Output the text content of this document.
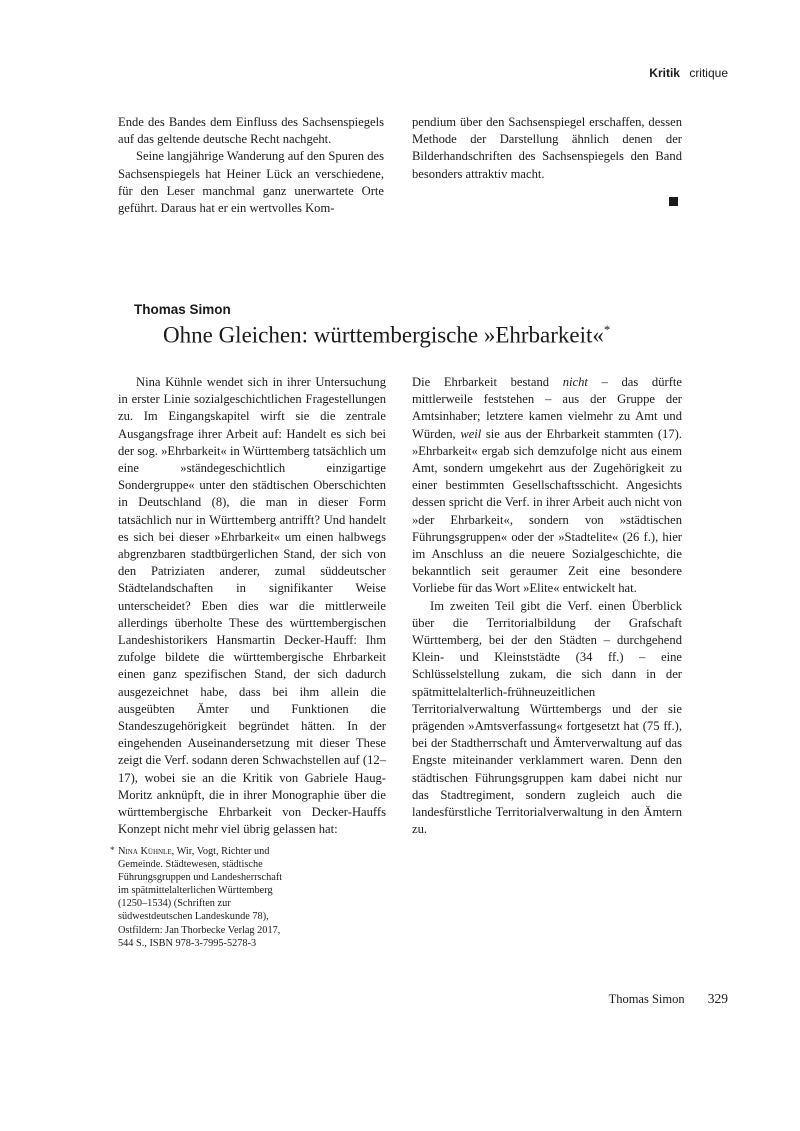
Kritik critique

Ende des Bandes dem Einfluss des Sachsenspiegels auf das geltende deutsche Recht nachgeht.

Seine langjährige Wanderung auf den Spuren des Sachsenspiegels hat Heiner Lück an verschiedene, für den Leser manchmal ganz unerwartete Orte geführt. Daraus hat er ein wertvolles Kom-

pendium über den Sachsenspiegel erschaffen, dessen Methode der Darstellung ähnlich denen der Bilderhandschriften des Sachsenspiegels den Band besonders attraktiv macht.

Thomas Simon
Ohne Gleichen: württembergische »Ehrbarkeit«*

Nina Kühnle wendet sich in ihrer Untersuchung in erster Linie sozialgeschichtlichen Fragestellungen zu. Im Eingangskapitel wirft sie die zentrale Ausgangsfrage ihrer Arbeit auf: Handelt es sich bei der sog. »Ehrbarkeit« in Württemberg tatsächlich um eine »ständegeschichtlich einzigartige Sondergruppe« unter den städtischen Oberschichten in Deutschland (8), die man in dieser Form tatsächlich nur in Württemberg antrifft? Und handelt es sich bei dieser »Ehrbarkeit« um einen halbwegs abgrenzbaren stadtbürgerlichen Stand, der sich von den Patriziaten anderer, zumal süddeutscher Städtelandschaften in signifikanter Weise unterscheidet? Eben dies war die mittlerweile allerdings überholte These des württembergischen Landeshistorikers Hansmartin Decker-Hauff: Ihm zufolge bildete die württembergische Ehrbarkeit einen ganz spezifischen Stand, der sich dadurch ausgezeichnet habe, dass bei ihm allein die ausgeübten Ämter und Funktionen die Standeszugehörigkeit begründet hätten. In der eingehenden Auseinandersetzung mit dieser These zeigt die Verf. sodann deren Schwachstellen auf (12–17), wobei sie an die Kritik von Gabriele Haug-Moritz anknüpft, die in ihrer Monographie über die württembergische Ehrbarkeit von Decker-Hauffs Konzept nicht mehr viel übrig gelassen hat:

Die Ehrbarkeit bestand nicht – das dürfte mittlerweile feststehen – aus der Gruppe der Amtsinhaber; letztere kamen vielmehr zu Amt und Würden, weil sie aus der Ehrbarkeit stammten (17). »Ehrbarkeit« ergab sich demzufolge nicht aus einem Amt, sondern umgekehrt aus der Zugehörigkeit zu einer bestimmten Gesellschaftsschicht. Angesichts dessen spricht die Verf. in ihrer Arbeit auch nicht von »der Ehrbarkeit«, sondern von »städtischen Führungsgruppen« oder der »Stadtelite« (26 f.), hier im Anschluss an die neuere Sozialgeschichte, die bekanntlich seit geraumer Zeit eine besondere Vorliebe für das Wort »Elite« entwickelt hat.

Im zweiten Teil gibt die Verf. einen Überblick über die Territorialbildung der Grafschaft Württemberg, bei der den Städten – durchgehend Klein- und Kleinststädte (34 ff.) – eine Schlüsselstellung zukam, die sich dann in der spätmittelalterlich-frühneuzeitlichen Territorialverwaltung Württembergs und der sie prägenden »Amtsverfassung« fortgesetzt hat (75 ff.), bei der Stadtherrschaft und Ämterverwaltung auf das Engste miteinander verklammert waren. Denn den städtischen Führungsgruppen kam dabei nicht nur das Stadtregiment, sondern zugleich auch die landesfürstliche Territorialverwaltung in den Ämtern zu.

* Nina Kühnle, Wir, Vogt, Richter und Gemeinde. Städtewesen, städtische Führungsgruppen und Landesherrschaft im spätmittelalterlichen Württemberg (1250–1534) (Schriften zur südwestdeutschen Landeskunde 78), Ostfildern: Jan Thorbecke Verlag 2017, 544 S., ISBN 978-3-7995-5278-3
Thomas Simon 329
